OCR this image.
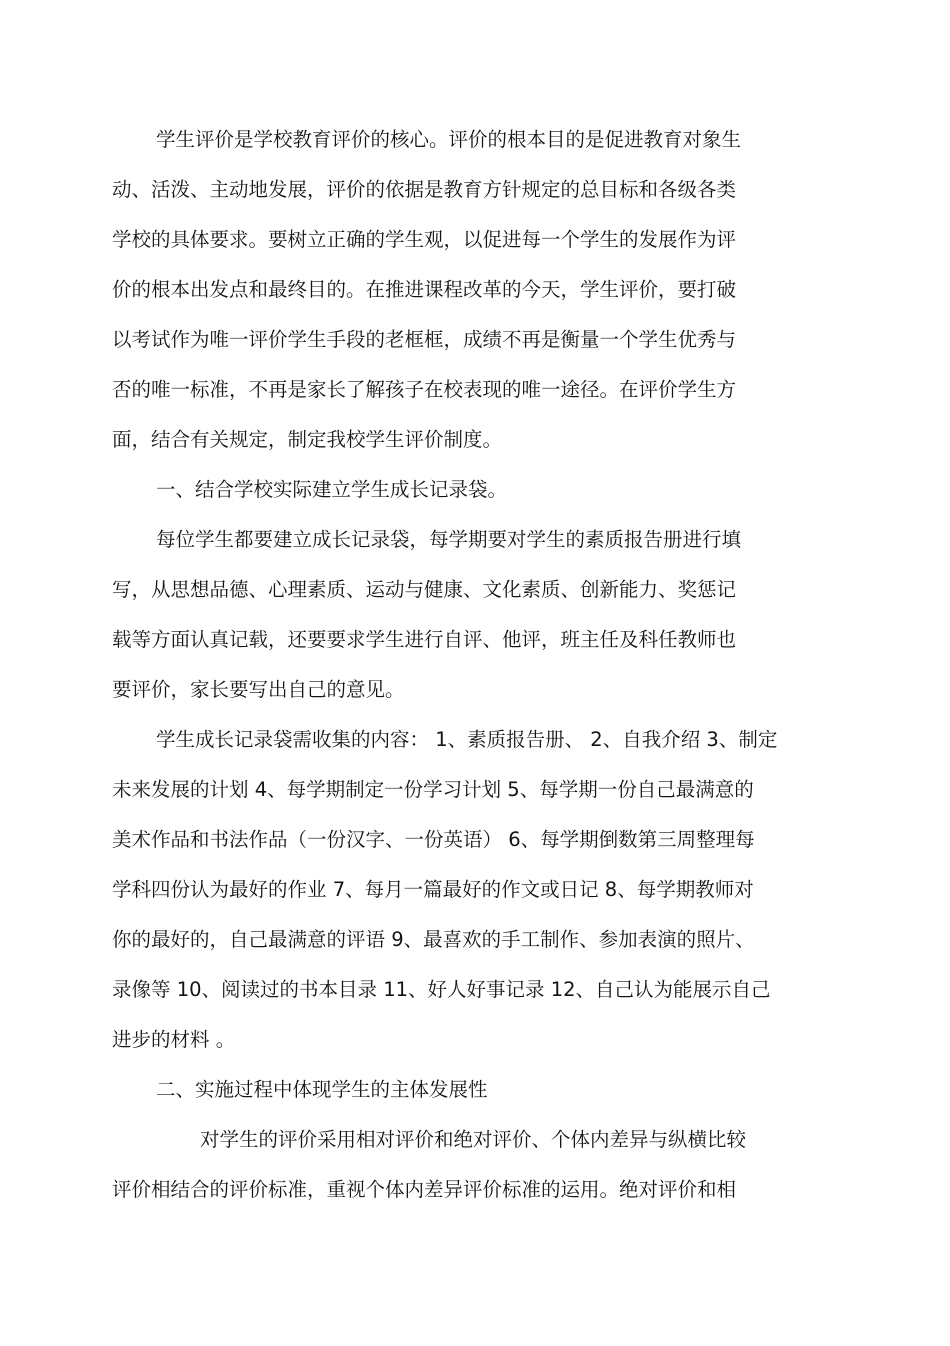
学生评价是学校教育评价的核心。评价的根本目的是促进教育对象生
动、活泼、主动地发展，评价的依据是教育方针规定的总目标和各级各类
学校的具体要求。要树立正确的学生观，以促进每一个学生的发展作为评
价的根本出发点和最终目的。在推进课程改革的今天，学生评价，要打破
以考试作为唯一评价学生手段的老框框，成绩不再是衡量一个学生优秀与
否的唯一标准，不再是家长了解孩子在校表现的唯一途径。在评价学生方
面，结合有关规定，制定我校学生评价制度。
一、结合学校实际建立学生成长记录袋。
每位学生都要建立成长记录袋，每学期要对学生的素质报告册进行填
写，从思想品德、心理素质、运动与健康、文化素质、创新能力、奖惩记
载等方面认真记载，还要要求学生进行自评、他评，班主任及科任教师也
要评价，家长要写出自己的意见。
学生成长记录袋需收集的内容： 1、素质报告册、 2、自我介绍 3、制定
未来发展的计划 4、每学期制定一份学习计划 5、每学期一份自己最满意的
美术作品和书法作品（一份汉字、一份英语） 6、每学期倒数第三周整理每
学科四份认为最好的作业 7、每月一篇最好的作文或日记 8、每学期教师对
你的最好的，自己最满意的评语 9、最喜欢的手工制作、参加表演的照片、
录像等 10、阅读过的书本目录 11、好人好事记录 12、自己认为能展示自己
进步的材料 。
二、实施过程中体现学生的主体发展性
对学生的评价采用相对评价和绝对评价、个体内差异与纵横比较
评价相结合的评价标准，重视个体内差异评价标准的运用。绝对评价和相
